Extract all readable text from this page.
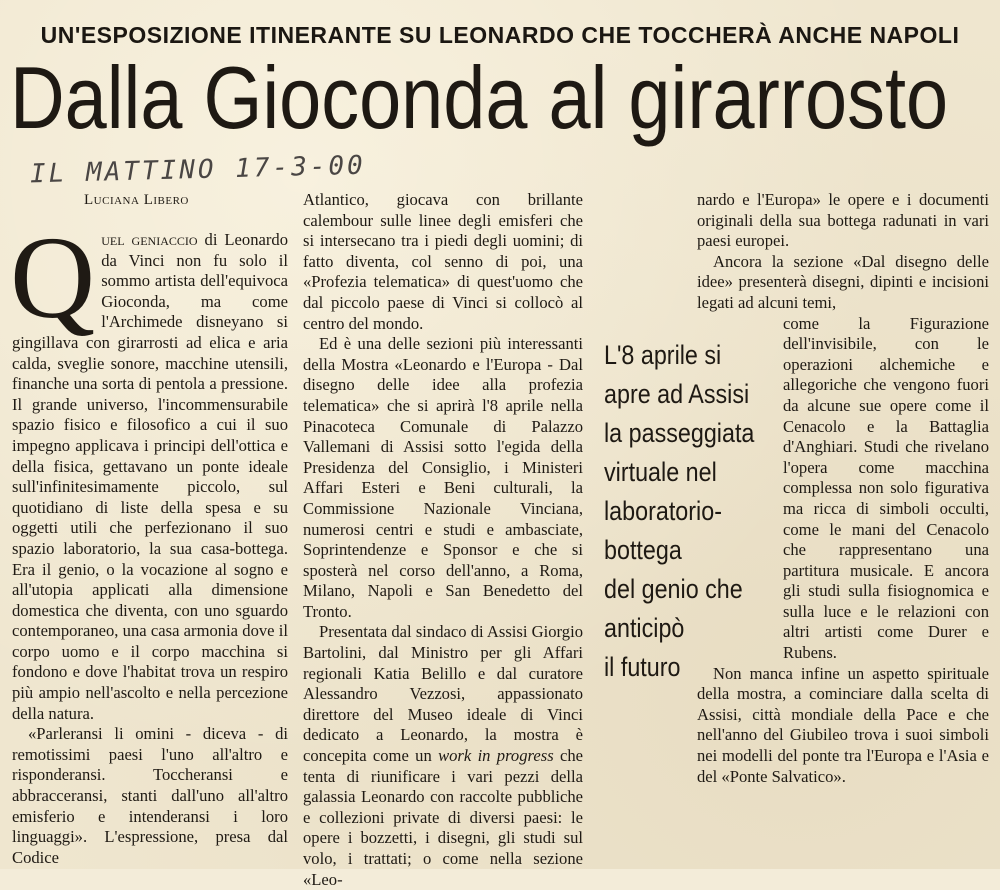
UN'ESPOSIZIONE ITINERANTE SU LEONARDO CHE TOCCHERÀ ANCHE NAPOLI
Dalla Gioconda al girarrosto
IL MATTINO 17-3-00
Luciana Libero

Quel geniaccio di Leonardo da Vinci non fu solo il sommo artista dell'equivoca Gioconda, ma come l'Archimede disneyano si gingillava con girarrosti ad elica e aria calda, sveglie sonore, macchine utensili, finanche una sorta di pentola a pressione. Il grande universo, l'incommensurabile spazio fisico e filosofico a cui il suo impegno applicava i principi dell'ottica e della fisica, gettavano un ponte ideale sull'infinitesimamente piccolo, sul quotidiano di liste della spesa e su oggetti utili che perfezionano il suo spazio laboratorio, la sua casa-bottega. Era il genio, o la vocazione al sogno e all'utopia applicati alla dimensione domestica che diventa, con uno sguardo contemporaneo, una casa armonia dove il corpo uomo e il corpo macchina si fondono e dove l'habitat trova un respiro più ampio nell'ascolto e nella percezione della natura.

«Parleransi li omini - diceva - di remotissimi paesi l'uno all'altro e risponderansi. Toccheransi e abbracceransi, stanti dall'uno all'altro emisferio e intenderansi i loro linguaggi». L'espressione, presa dal Codice

Atlantico, giocava con brillante calembour sulle linee degli emisferi che si intersecano tra i piedi degli uomini; di fatto diventa, col senno di poi, una «Profezia telematica» di quest'uomo che dal piccolo paese di Vinci si collocò al centro del mondo.

Ed è una delle sezioni più interessanti della Mostra «Leonardo e l'Europa - Dal disegno delle idee alla profezia telematica» che si aprirà l'8 aprile nella Pinacoteca Comunale di Palazzo Vallemani di Assisi sotto l'egida della Presidenza del Consiglio, i Ministeri Affari Esteri e Beni culturali, la Commissione Nazionale Vinciana, numerosi centri e studi e ambasciate, Soprintendenze e Sponsor e che si sposterà nel corso dell'anno, a Roma, Milano, Napoli e San Benedetto del Tronto.

Presentata dal sindaco di Assisi Giorgio Bartolini, dal Ministro per gli Affari regionali Katia Belillo e dal curatore Alessandro Vezzosi, appassionato direttore del Museo ideale di Vinci dedicato a Leonardo, la mostra è concepita come un work in progress che tenta di riunificare i vari pezzi della galassia Leonardo con raccolte pubbliche e collezioni private di diversi paesi: le opere i bozzetti, i disegni, gli studi sul volo, i trattati; o come nella sezione «Leo-

L'8 aprile si
apre ad Assisi
la passeggiata
virtuale nel
laboratorio-
bottega
del genio che
anticipò
il futuro

nardo e l'Europa» le opere e i documenti originali della sua bottega radunati in vari paesi europei.

Ancora la sezione «Dal disegno delle idee» presenterà disegni, dipinti e incisioni legati ad alcuni temi,

come la Figurazione dell'invisibile, con le operazioni alchemiche e allegoriche che vengono fuori da alcune sue opere come il Cenacolo e la Battaglia d'Anghiari. Studi che rivelano l'opera come macchina complessa non solo figurativa ma ricca di simboli occulti, come le mani del Cenacolo che rappresentano una partitura musicale. E ancora gli studi sulla fisiognomica e sulla luce e le relazioni con altri artisti come Durer e Rubens.

Non manca infine un aspetto spirituale della mostra, a cominciare dalla scelta di Assisi, città mondiale della Pace e che nell'anno del Giubileo trova i suoi simboli nei modelli del ponte tra l'Europa e l'Asia e del «Ponte Salvatico».
